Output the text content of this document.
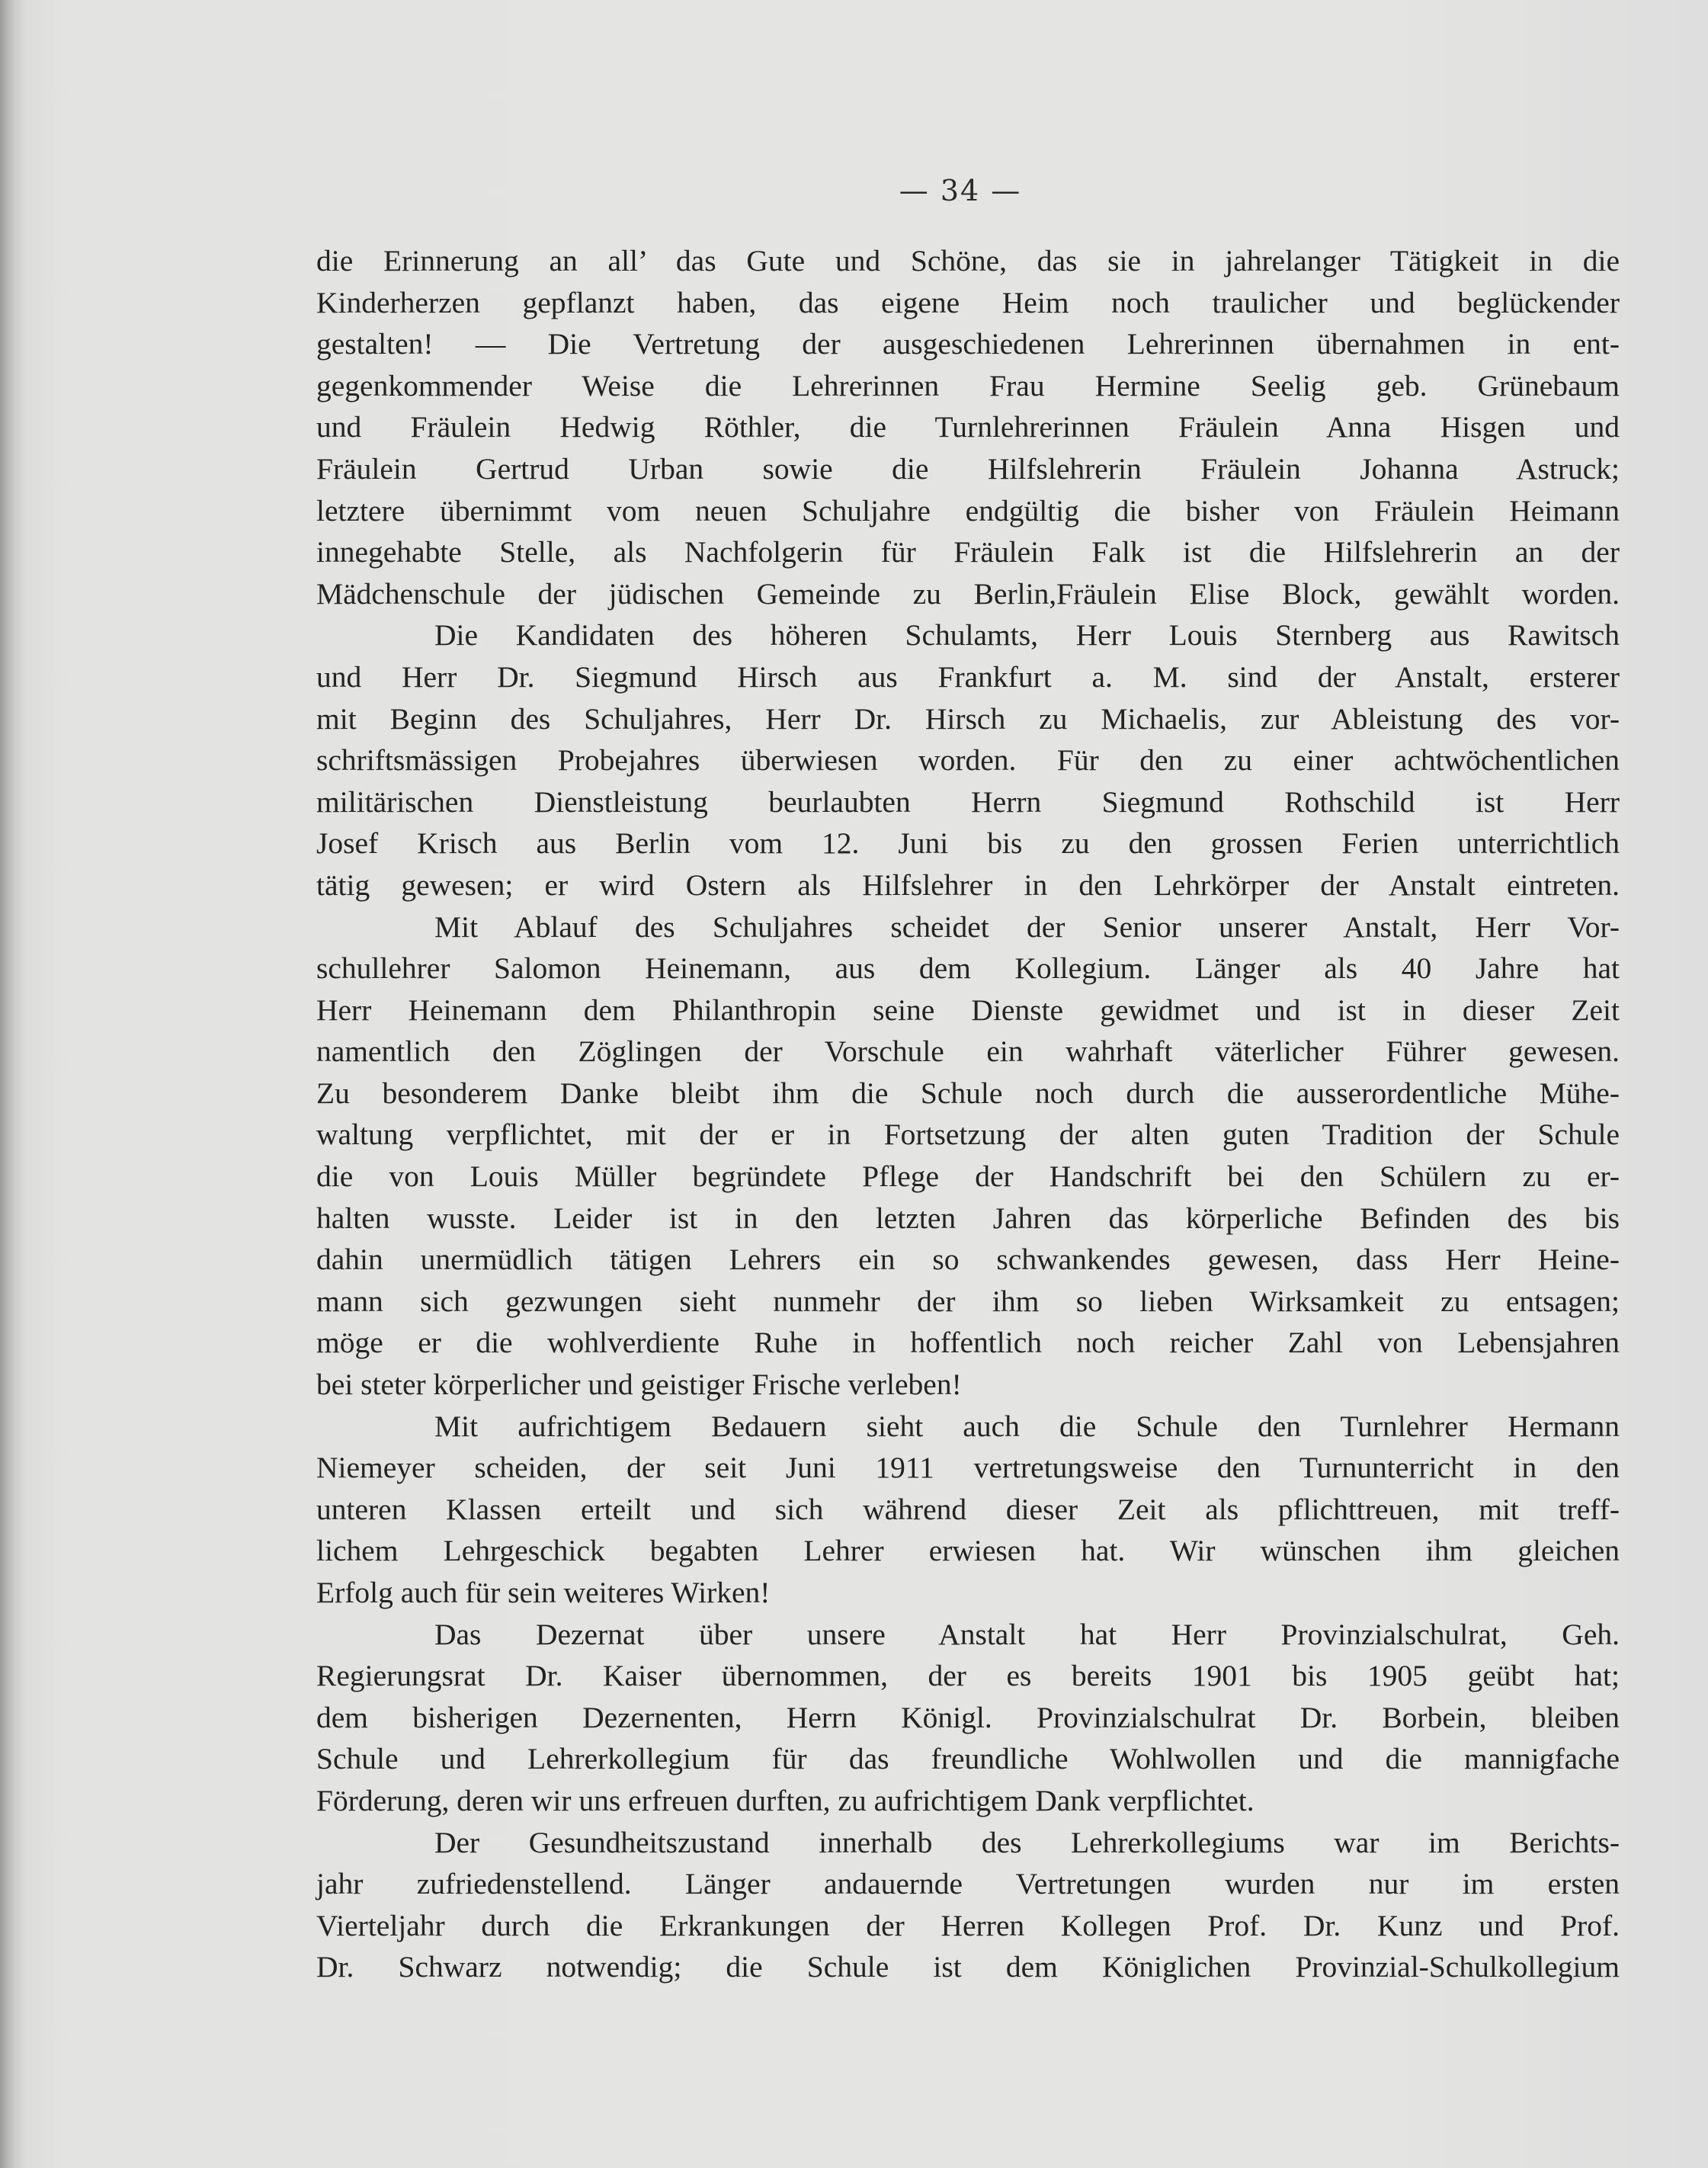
— 34 —
die Erinnerung an all’ das Gute und Schöne, das sie in jahrelanger Tätigkeit in die
Kinderherzen gepflanzt haben, das eigene Heim noch traulicher und beglückender
gestalten! — Die Vertretung der ausgeschiedenen Lehrerinnen übernahmen in ent-
gegenkommender Weise die Lehrerinnen Frau Hermine Seelig geb. Grünebaum
und Fräulein Hedwig Röthler, die Turnlehrerinnen Fräulein Anna Hisgen und
Fräulein Gertrud Urban sowie die Hilfslehrerin Fräulein Johanna Astruck;
letztere übernimmt vom neuen Schuljahre endgültig die bisher von Fräulein Heimann
innegehabte Stelle, als Nachfolgerin für Fräulein Falk ist die Hilfslehrerin an der
Mädchenschule der jüdischen Gemeinde zu Berlin,Fräulein Elise Block, gewählt worden.
Die Kandidaten des höheren Schulamts, Herr Louis Sternberg aus Rawitsch
und Herr Dr. Siegmund Hirsch aus Frankfurt a. M. sind der Anstalt, ersterer
mit Beginn des Schuljahres, Herr Dr. Hirsch zu Michaelis, zur Ableistung des vor-
schriftsmässigen Probejahres überwiesen worden. Für den zu einer achtwöchentlichen
militärischen Dienstleistung beurlaubten Herrn Siegmund Rothschild ist Herr
Josef Krisch aus Berlin vom 12. Juni bis zu den grossen Ferien unterrichtlich
tätig gewesen; er wird Ostern als Hilfslehrer in den Lehrkörper der Anstalt eintreten.
Mit Ablauf des Schuljahres scheidet der Senior unserer Anstalt, Herr Vor-
schullehrer Salomon Heinemann, aus dem Kollegium. Länger als 40 Jahre hat
Herr Heinemann dem Philanthropin seine Dienste gewidmet und ist in dieser Zeit
namentlich den Zöglingen der Vorschule ein wahrhaft väterlicher Führer gewesen.
Zu besonderem Danke bleibt ihm die Schule noch durch die ausserordentliche Mühe-
waltung verpflichtet, mit der er in Fortsetzung der alten guten Tradition der Schule
die von Louis Müller begründete Pflege der Handschrift bei den Schülern zu er-
halten wusste. Leider ist in den letzten Jahren das körperliche Befinden des bis
dahin unermüdlich tätigen Lehrers ein so schwankendes gewesen, dass Herr Heine-
mann sich gezwungen sieht nunmehr der ihm so lieben Wirksamkeit zu entsagen;
möge er die wohlverdiente Ruhe in hoffentlich noch reicher Zahl von Lebensjahren
bei steter körperlicher und geistiger Frische verleben!
Mit aufrichtigem Bedauern sieht auch die Schule den Turnlehrer Hermann
Niemeyer scheiden, der seit Juni 1911 vertretungsweise den Turnunterricht in den
unteren Klassen erteilt und sich während dieser Zeit als pflichttreuen, mit treff-
lichem Lehrgeschick begabten Lehrer erwiesen hat. Wir wünschen ihm gleichen
Erfolg auch für sein weiteres Wirken!
Das Dezernat über unsere Anstalt hat Herr Provinzialschulrat, Geh.
Regierungsrat Dr. Kaiser übernommen, der es bereits 1901 bis 1905 geübt hat;
dem bisherigen Dezernenten, Herrn Königl. Provinzialschulrat Dr. Borbein, bleiben
Schule und Lehrerkollegium für das freundliche Wohlwollen und die mannigfache
Förderung, deren wir uns erfreuen durften, zu aufrichtigem Dank verpflichtet.
Der Gesundheitszustand innerhalb des Lehrerkollegiums war im Berichts-
jahr zufriedenstellend. Länger andauernde Vertretungen wurden nur im ersten
Vierteljahr durch die Erkrankungen der Herren Kollegen Prof. Dr. Kunz und Prof.
Dr. Schwarz notwendig; die Schule ist dem Königlichen Provinzial-Schulkollegium
